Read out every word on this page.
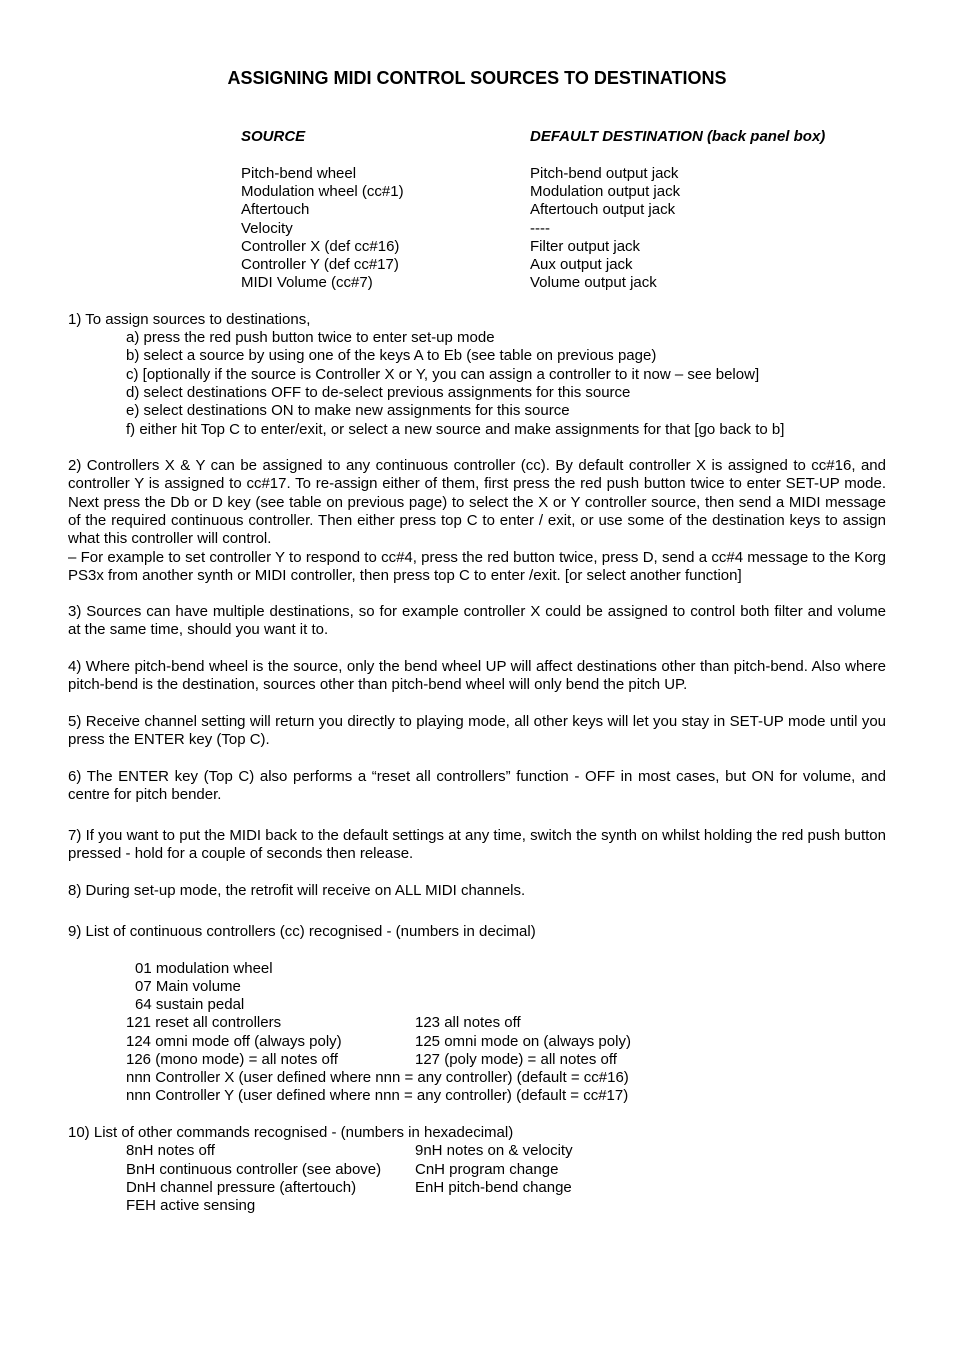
ASSIGNING MIDI CONTROL SOURCES TO DESTINATIONS
SOURCE	DEFAULT DESTINATION (back panel box)
Pitch-bend wheel	Pitch-bend output jack
Modulation wheel (cc#1)	Modulation output jack
Aftertouch	Aftertouch output jack
Velocity	----
Controller X (def cc#16)	Filter output jack
Controller Y (def cc#17)	Aux output jack
MIDI Volume (cc#7)	Volume output jack
1) To assign sources to destinations,
a) press the red push button twice to enter set-up mode
b) select a source by using one of the keys A to Eb (see table on previous page)
c) [optionally if the source is Controller X or Y, you can assign a controller to it now – see below]
d) select destinations OFF to de-select previous assignments for this source
e) select destinations ON to make new assignments for this source
f) either hit Top C to enter/exit, or select a new source and make assignments for that [go back to b]
2) Controllers X & Y can be assigned to any continuous controller (cc). By default controller X is assigned to cc#16, and controller Y is assigned to cc#17. To re-assign either of them, first press the red push button twice to enter SET-UP mode. Next press the Db or D key (see table on previous page) to select the X or Y controller source, then send a MIDI message of the required continuous controller. Then either press top C to enter / exit, or use some of the destination keys to assign what this controller will control.
– For example to set controller Y to respond to cc#4, press the red button twice, press D, send a cc#4 message to the Korg PS3x from another synth or MIDI controller, then press top C to enter /exit. [or select another function]
3) Sources can have multiple destinations, so for example controller X could be assigned to control both filter and volume at the same time, should you want it to.
4) Where pitch-bend wheel is the source, only the bend wheel UP will affect destinations other than pitch-bend. Also where pitch-bend is the destination, sources other than pitch-bend wheel will only bend the pitch UP.
5) Receive channel setting will return you directly to playing mode, all other keys will let you stay in SET-UP mode until you press the ENTER key (Top C).
6) The ENTER key (Top C) also performs a “reset all controllers” function - OFF in most cases, but ON for volume, and centre for pitch bender.
7) If you want to put the MIDI back to the default settings at any time, switch the synth on whilst holding the red push button pressed - hold for a couple of seconds then release.
8) During set-up mode, the retrofit will receive on ALL MIDI channels.
9) List of continuous controllers (cc) recognised - (numbers in decimal)
01 modulation wheel
07 Main volume
64 sustain pedal
121 reset all controllers	123 all notes off
124 omni mode off (always poly)	125 omni mode on (always poly)
126 (mono mode) = all notes off	127 (poly mode) = all notes off
nnn Controller X (user defined where nnn = any controller) (default = cc#16)
nnn Controller Y (user defined where nnn = any controller) (default = cc#17)
10) List of other commands recognised - (numbers in hexadecimal)
8nH notes off	9nH notes on & velocity
BnH continuous controller (see above) CnH program change
DnH channel pressure (aftertouch)	EnH pitch-bend change
FEH active sensing
